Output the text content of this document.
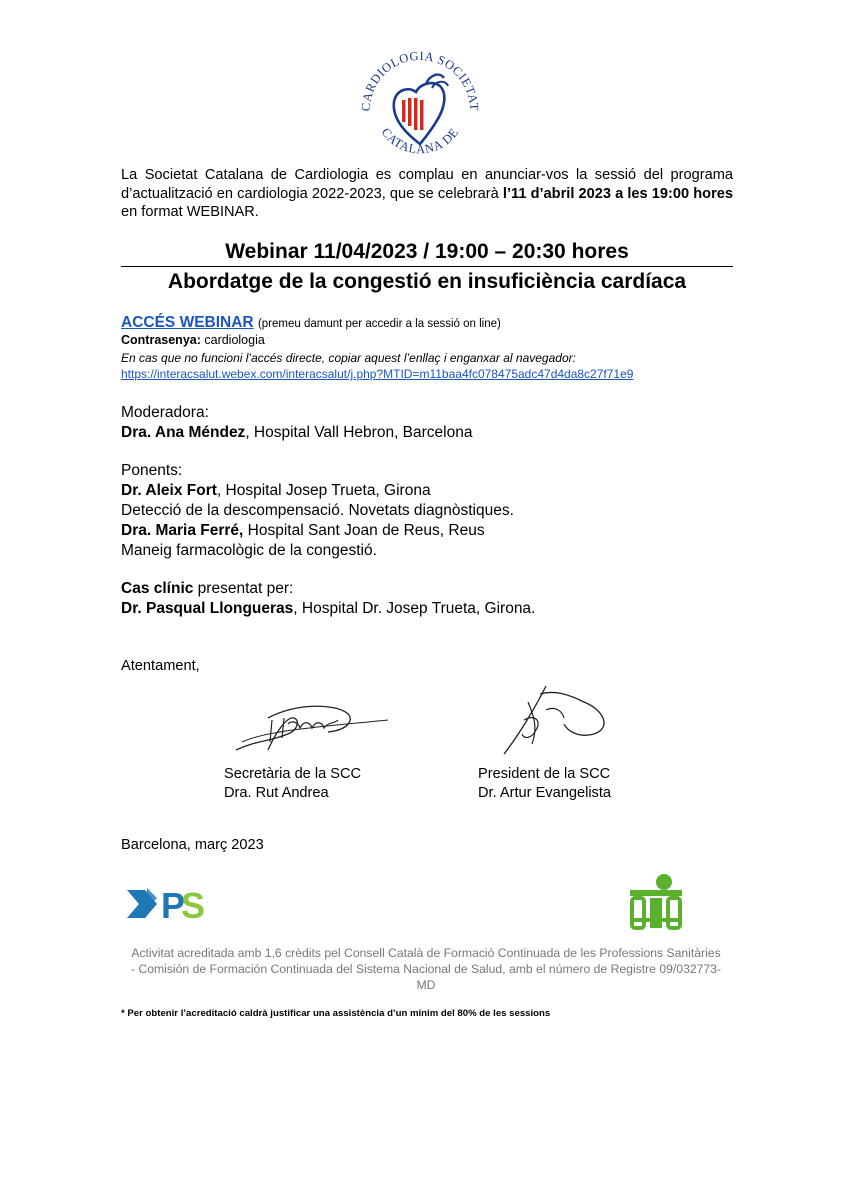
CARDIOLOGIA SOCIETAT
CATALANA DE
La Societat Catalana de Cardiologia es complau en anunciar-vos la sessió del programa d’actualització en cardiologia 2022-2023, que se celebrarà l’11 d’abril 2023 a les 19:00 hores en format WEBINAR.
Webinar 11/04/2023 / 19:00 – 20:30 hores
Abordatge de la congestió en insuficiència cardíaca
ACCÉS WEBINAR (premeu damunt per accedir a la sessió on line)
Contrasenya: cardiologia
En cas que no funcioni l’accés directe, copiar aquest l’enllaç i enganxar al navegador:
https://interacsalut.webex.com/interacsalut/j.php?MTID=m11baa4fc078475adc47d4da8c27f71e9
Moderadora:
Dra. Ana Méndez, Hospital Vall Hebron, Barcelona
Ponents:
Dr. Aleix Fort, Hospital Josep Trueta, Girona
Detecció de la descompensació. Novetats diagnòstiques.
Dra. Maria Ferré, Hospital Sant Joan de Reus, Reus
Maneig farmacològic de la congestió.
Cas clínic presentat per:
Dr. Pasqual Llongueras, Hospital Dr. Josep Trueta, Girona.
Atentament,
Secretària de la SCC
Dra. Rut Andrea
President de la SCC
Dr. Artur Evangelista
Barcelona, març 2023
P
S
Activitat acreditada amb 1,6 crèdits pel Consell Català de Formació Continuada de les Professions Sanitàries - Comisión de Formación Continuada del Sistema Nacional de Salud, amb el número de Registre 09/032773-MD
* Per obtenir l’acreditació caldrà justificar una assistència d’un mínim del 80% de les sessions
